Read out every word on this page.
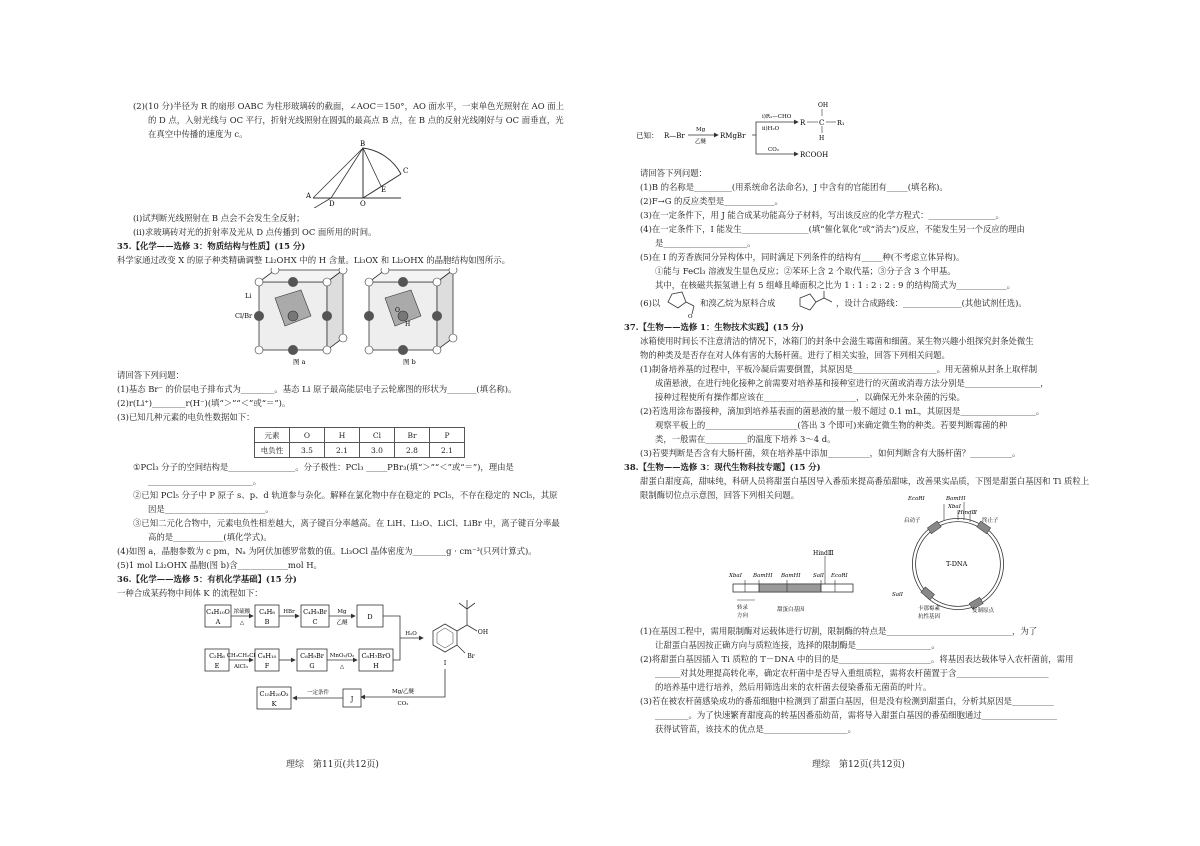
(2)(10 分)半径为 R 的扇形 OABC 为柱形玻璃砖的截面，∠AOC＝150°，AO 面水平，一束单色光照射在 AO 面上
的 D 点，入射光线与 OC 平行，折射光线照射在圆弧的最高点 B 点，在 B 点的反射光线刚好与 OC 面垂直，光
在真空中传播的速度为 c。
A
B
C
D	O
E
(i)试判断光线照射在 B 点会不会发生全反射；
(ii)求玻璃砖对光的折射率及光从 D 点传播到 OC 面所用的时间。
35.【化学——选修 3：物质结构与性质】(15 分)
科学家通过改变 X 的原子种类精确调整 Li₂OHX 中的 H 含量。Li₃OX 和 Li₂OHX 的晶胞结构如图所示。
Li
Cl/Br
O
H
图 a	图 b
请回答下列问题：
(1)基态 Br⁻ 的价层电子排布式为________。基态 Li 原子最高能层电子云轮廓图的形状为_______(填名称)。
(2)r(Li⁺)________r(H⁻)(填“＞”“＜”或“＝”)。
(3)已知几种元素的电负性数据如下：
元素	O	H	Cl	Br	P
电负性	3.5	2.1	3.0	2.8	2.1
①PCl₃ 分子的空间结构是________________。分子极性：PCl₃ _____PBr₃(填“＞”“＜”或“＝”)，理由是
_________________________。
②已知 PCl₅ 分子中 P 原子 s、p、d 轨道参与杂化。解释在氯化物中存在稳定的 PCl₅，不存在稳定的 NCl₅，其原
因是________________________。
③已知二元化合物中，元素电负性相差越大，离子键百分率越高。在 LiH、Li₂O、LiCl、LiBr 中，离子键百分率最
高的是____________(填化学式)。
(4)如图 a，晶胞参数为 c pm，Nₐ 为阿伏加德罗常数的值。Li₃OCl 晶体密度为________g · cm⁻³(只列计算式)。
(5)1 mol Li₂OHX 晶胞(图 b)含____________mol H。
36.【化学——选修 5：有机化学基础】(15 分)
一种合成某药物中间体 K 的流程如下：
C₄H₁₀O
A
浓硫酸
△
C₄H₈
B
HBr C₄H₉Br
C
Mg
乙醚
D
C₂H₆
E
CH₃CH₂Cl
AlCl₃
C₈H₁₀
F
C₈H₉Br
G
MnO₂/O₂
△
C₈H₇BrO
H
H₂O	OH
Br
I
Mg/乙醚
CO₂
J
一定条件
C₁₅H₂₀O₃
K
理综　第11页(共12页)
已知： R—Br
Mg
乙醚
RMgBr
i)R₁—CHO
ii)H₂O
R C
OH
H
R₁
CO₂
RCOOH
请回答下列问题：
(1)B 的名称是_________(用系统命名法命名)，J 中含有的官能团有_____(填名称)。
(2)F→G 的反应类型是____________。
(3)在一定条件下，用 J 能合成某功能高分子材料，写出该反应的化学方程式：________________。
(4)在一定条件下，I 能发生________________(填“催化氧化”或“消去”)反应，不能发生另一个反应的理由
是____________________。
(5)在 I 的芳香族同分异构体中，同时满足下列条件的结构有_____种(不考虑立体异构)。
①能与 FeCl₃ 溶液发生显色反应；②苯环上含 2 个取代基；③分子含 3 个甲基。
其中，在核磁共振氢谱上有 5 组峰且峰面积之比为 1 : 1 : 2 : 2 : 9 的结构简式为____________。
(6)以
O
和溴乙烷为原料合成	，设计合成路线：______________(其他试剂任选)。
37.【生物——选修 1：生物技术实践】(15 分)
冰箱使用时间长不注意清洁的情况下，冰箱门的封条中会滋生霉菌和细菌。某生物兴趣小组探究封条处微生
物的种类及是否存在对人体有害的大肠杆菌。进行了相关实验，回答下列相关问题。
(1)制备培养基的过程中，平板冷凝后需要倒置，其原因是____________________。用无菌棉从封条上取样制
成菌悬液，在进行纯化接种之前需要对培养基和接种室进行的灭菌或消毒方法分别是__________________，
接种过程使所有操作都应该在______________________，以确保无外来杂菌的污染。
(2)若选用涂布器接种，滴加到培养基表面的菌悬液的量一般不超过 0.1 mL，其原因是__________________。
观察平板上的______________________(答出 3 个即可)来确定微生物的种类。若要判断霉菌的种
类，一般需在__________的温度下培养 3～4 d。
(3)若要判断是否含有大肠杆菌，须在培养基中添加__________，如何判断含有大肠杆菌？__________。
38.【生物——选修 3：现代生物科技专题】(15 分)
甜蛋白甜度高，甜味纯，科研人员将甜蛋白基因导入番茄来提高番茄甜味，改善果实品质，下图是甜蛋白基因和 Ti 质粒上
限制酶切位点示意图，回答下列相关问题。
HindⅢ
XbaⅠ BamHⅠ BamHⅠ SalⅠ EcoRⅠ
转录
方向
甜蛋白基因
EcoRⅠ
XbaⅠ
BamHⅠ
HindⅢ
启动子	终止子
T-DNA
SalⅠ
卡那霉素
抗性基因
复制原点
(1)在基因工程中，需用限制酶对运载体进行切割，限制酶的特点是______________________________，为了
让甜蛋白基因按正确方向与质粒连接，选择的限制酶是__________________。
(2)将甜蛋白基因插入 Ti 质粒的 T－DNA 中的目的是______________________。将基因表达载体导入农杆菌前，需用
______对其处理提高转化率，确定农杆菌中是否导入重组质粒，需将农杆菌置于含______________________
的培养基中进行培养，然后用筛选出来的农杆菌去侵染番茄无菌苗的叶片。
(3)若在被农杆菌感染成功的番茄细胞中检测到了甜蛋白基因，但是没有检测到甜蛋白，分析其原因是__________
________。为了快速繁育甜度高的转基因番茄幼苗，需将导入甜蛋白基因的番茄细胞通过__________________
获得试管苗，该技术的优点是____________________。
理综　第12页(共12页)
